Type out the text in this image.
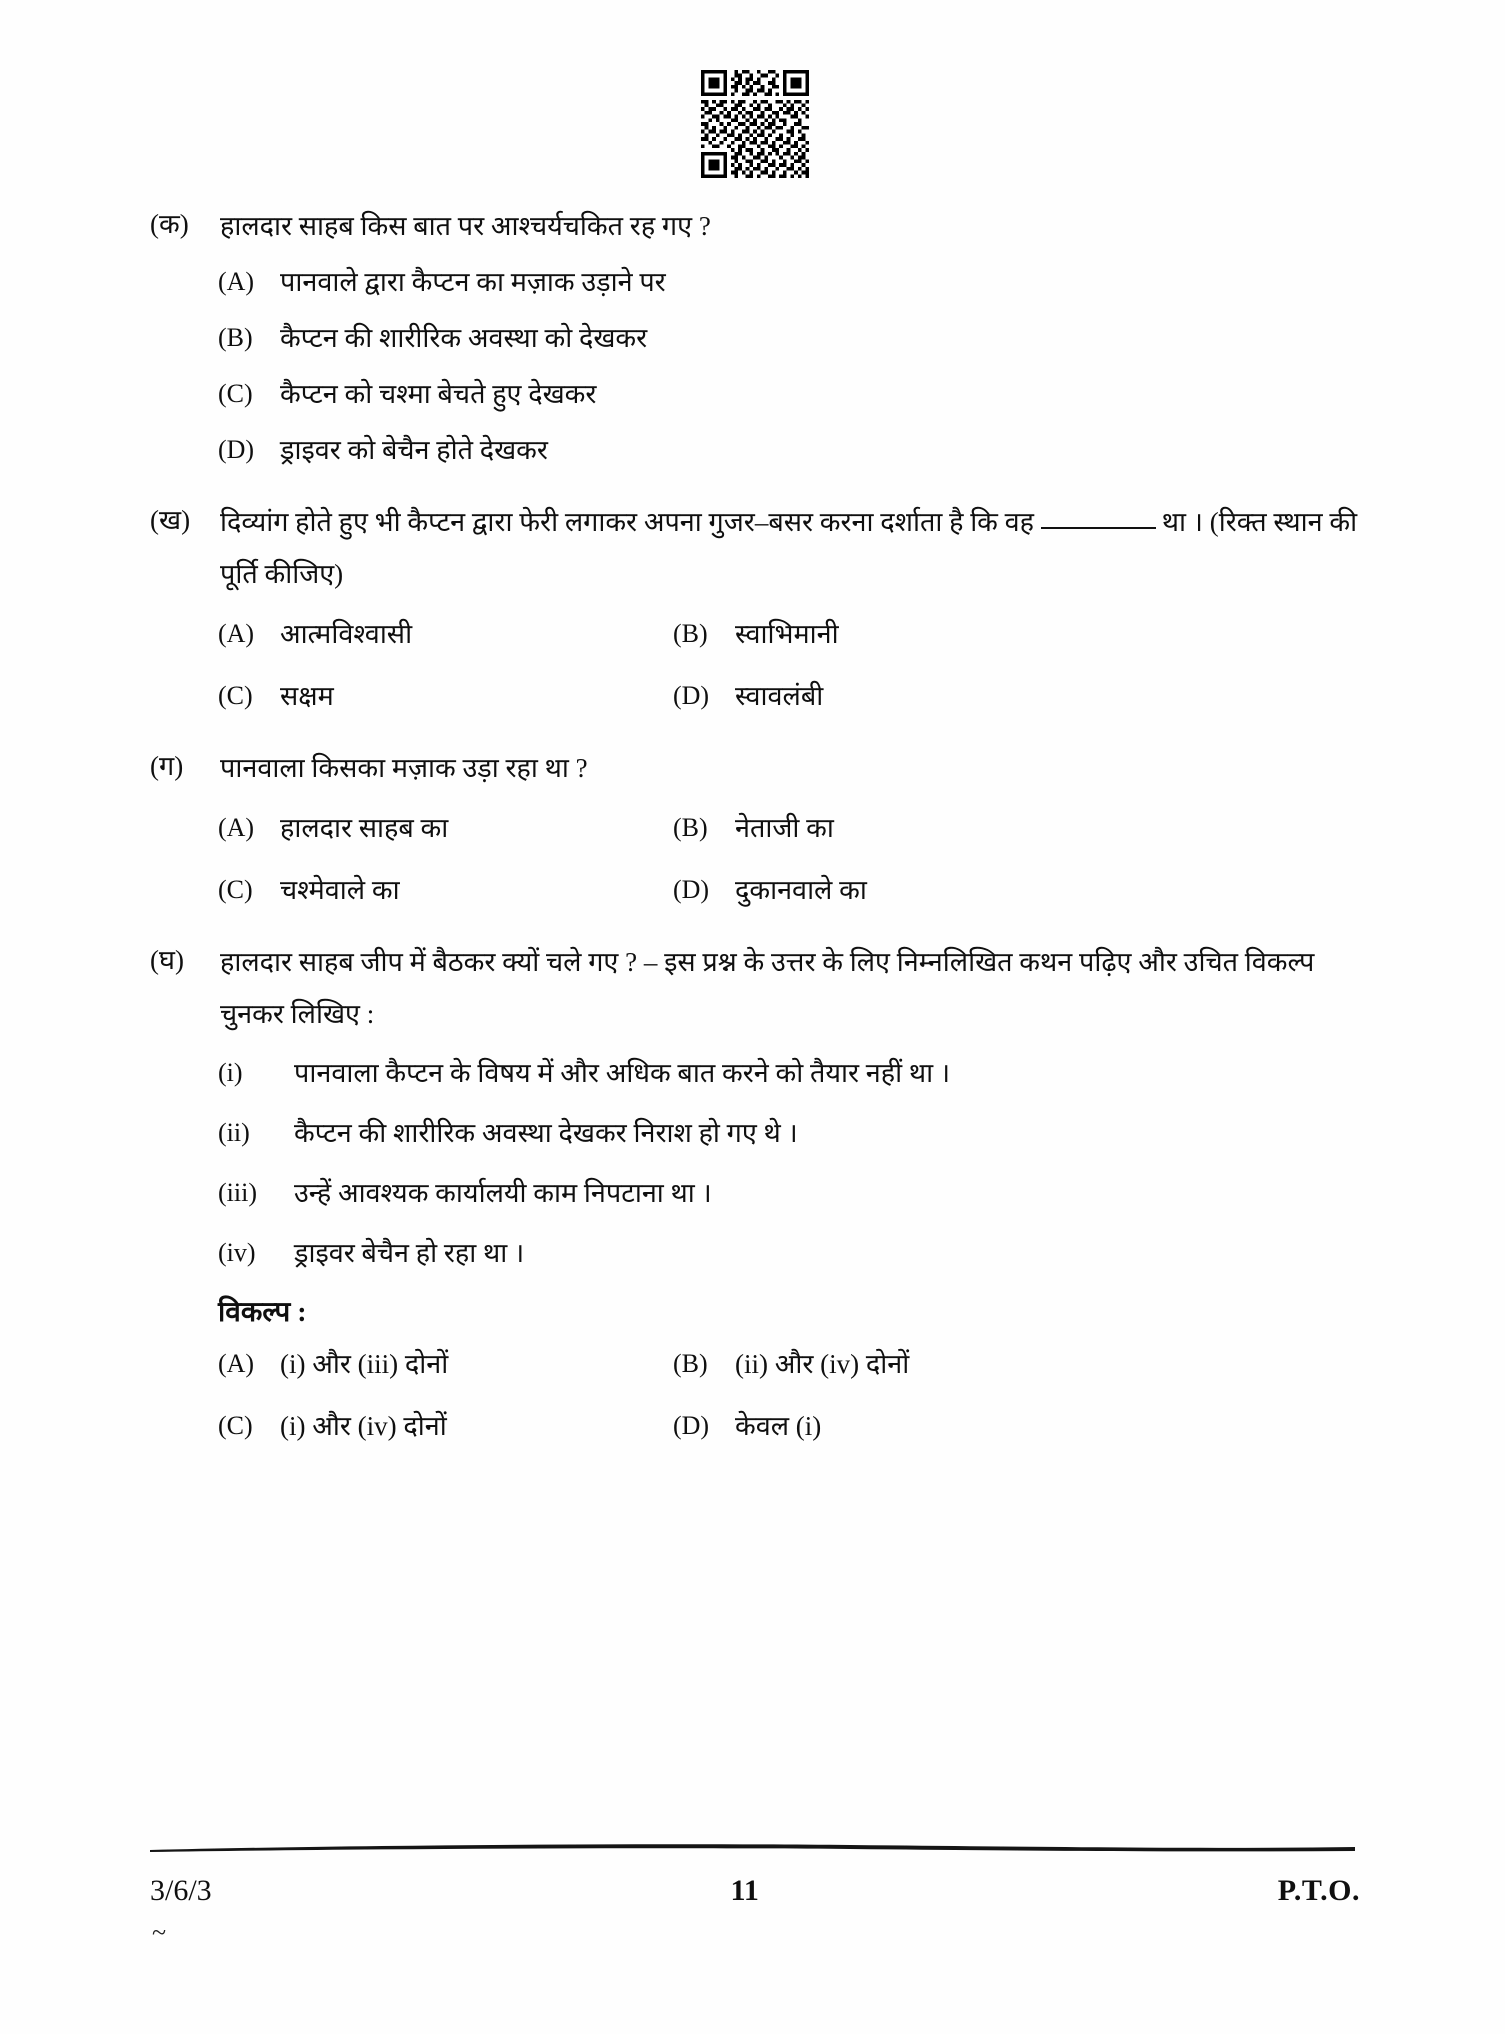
(क)	हालदार साहब किस बात पर आश्चर्यचकित रह गए ?
(A) पानवाले द्वारा कैप्टन का मज़ाक उड़ाने पर
(B)	कैप्टन की शारीरिक अवस्था को देखकर
(C)	कैप्टन को चश्मा बेचते हुए देखकर
(D) ड्राइवर को बेचैन होते देखकर
(ख)	दिव्यांग होते हुए भी कैप्टन द्वारा फेरी लगाकर अपना गुजर–बसर करना दर्शाता है कि वह	था । (रिक्त स्थान की पूर्ति कीजिए)
(A) आत्मविश्वासी	(B)	स्वाभिमानी
(C)	सक्षम	(D) स्वावलंबी
(ग)	पानवाला किसका मज़ाक उड़ा रहा था ?
(A) हालदार साहब का	(B)	नेताजी का
(C)	चश्मेवाले का	(D) दुकानवाले का
(घ)	हालदार साहब जीप में बैठकर क्यों चले गए ? – इस प्रश्न के उत्तर के लिए निम्नलिखित कथन पढ़िए और उचित विकल्प चुनकर लिखिए :
(i)	पानवाला कैप्टन के विषय में और अधिक बात करने को तैयार नहीं था ।
(ii)	कैप्टन की शारीरिक अवस्था देखकर निराश हो गए थे ।
(iii)	उन्हें आवश्यक कार्यालयी काम निपटाना था ।
(iv)	ड्राइवर बेचैन हो रहा था ।
विकल्प :
(A) (i) और (iii) दोनों	(B)	(ii) और (iv) दोनों
(C)	(i) और (iv) दोनों	(D) केवल (i)
3/6/3	11	P.T.O.
~
